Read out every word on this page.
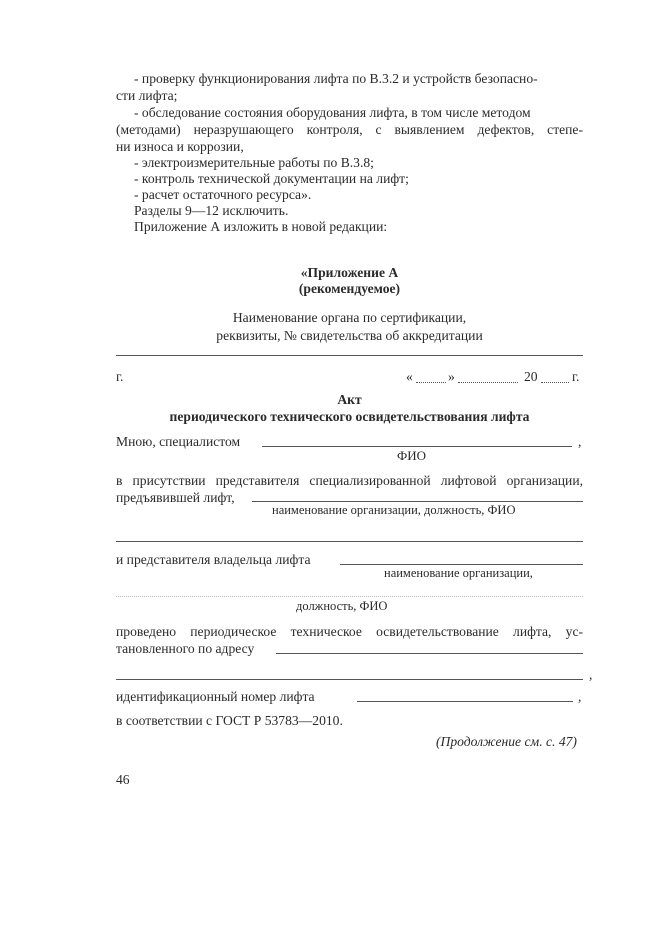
- проверку функционирования лифта по В.3.2 и устройств безопасно-
сти лифта;
- обследование состояния оборудования лифта, в том числе методом
(методами) неразрушающего контроля, с выявлением дефектов, степе-
ни износа и коррозии,
- электроизмерительные работы по В.3.8;
- контроль технической документации на лифт;
- расчет остаточного ресурса».
Разделы 9—12 исключить.
Приложение А изложить в новой редакции:
«Приложение А
(рекомендуемое)
Наименование органа по сертификации,
реквизиты, № свидетельства об аккредитации
г.	«	»	20	г.
Акт
периодического технического освидетельствования лифта
Мною, специалистом	,
ФИО
в присутствии представителя специализированной лифтовой организации,
предъявившей лифт,
наименование организации, должность, ФИО
и представителя владельца лифта
наименование организации,
должность, ФИО
проведено периодическое техническое освидетельствование лифта, ус-
тановленного по адресу
,
идентификационный номер лифта	,
в соответствии с ГОСТ Р 53783—2010.
(Продолжение см. с. 47)
46
